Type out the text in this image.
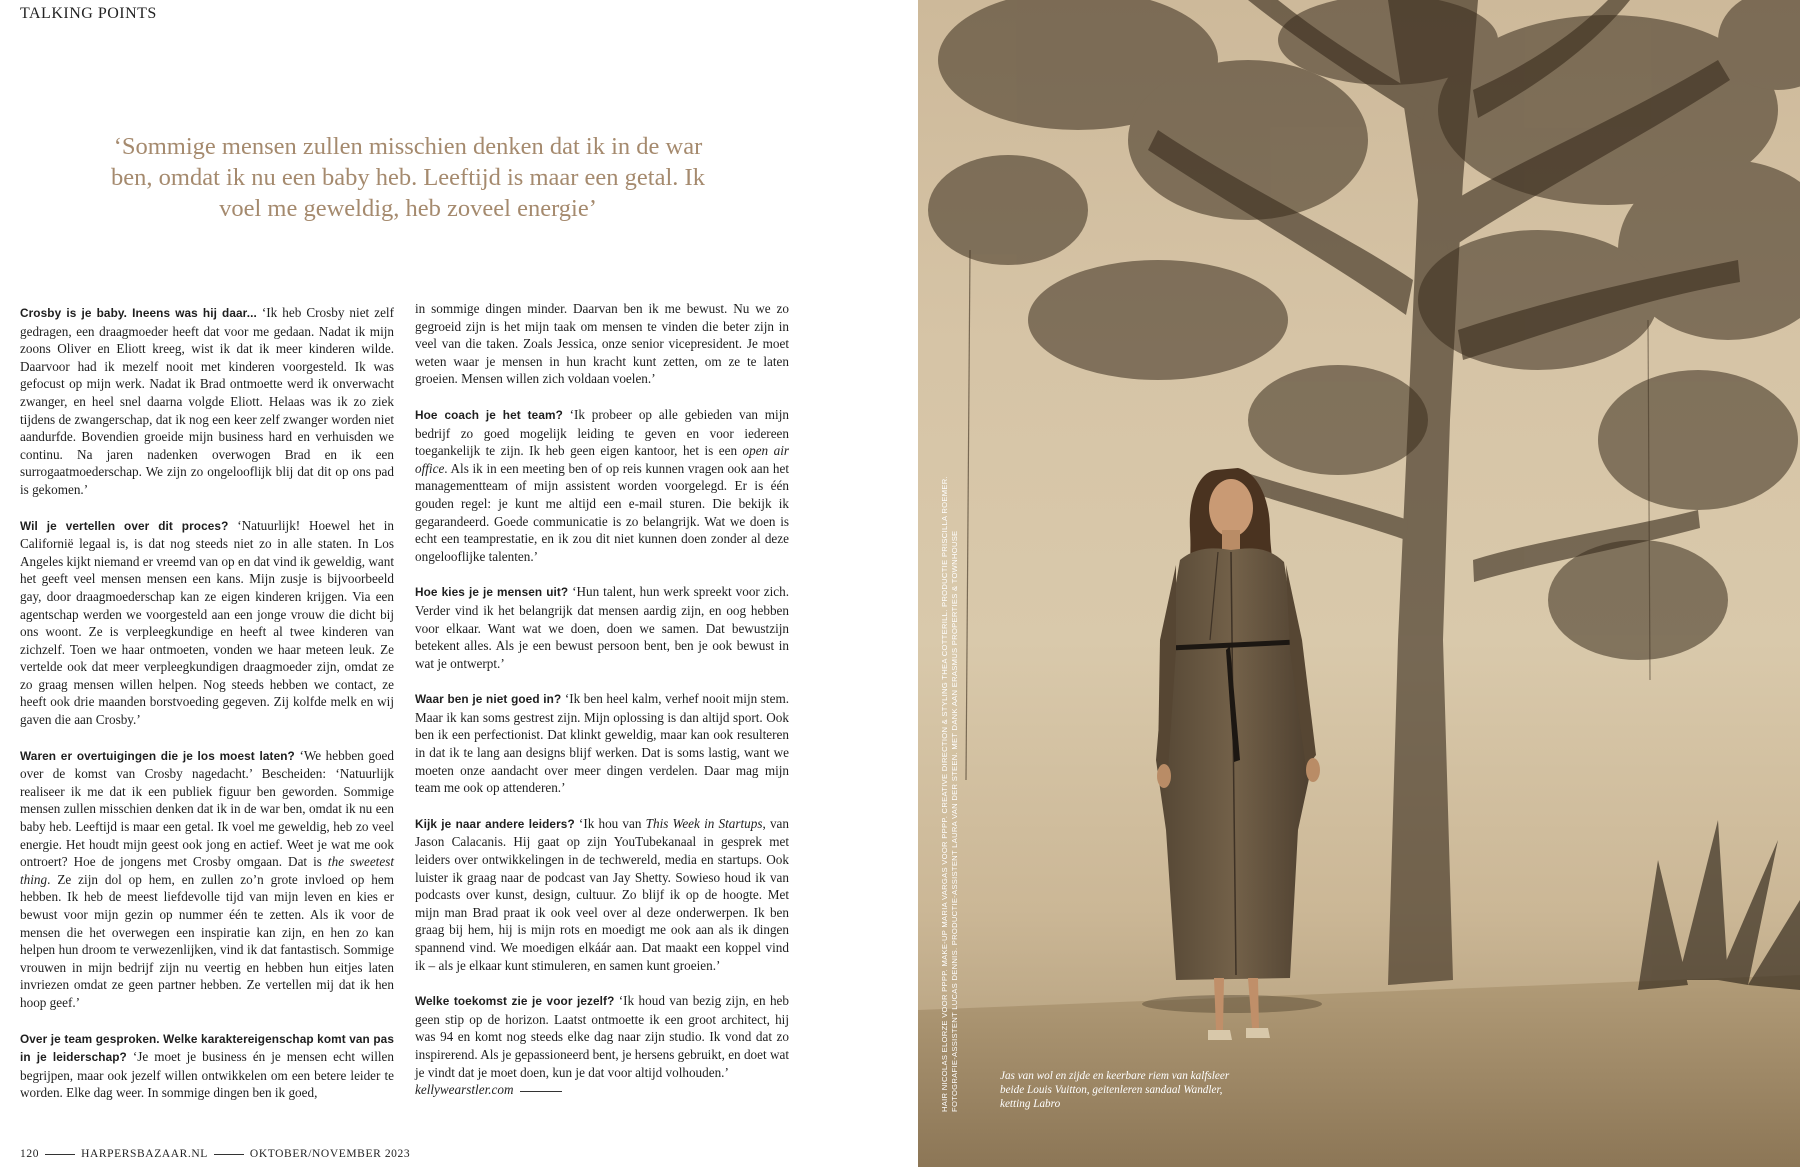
TALKING POINTS
‘Sommige mensen zullen misschien denken dat ik in de war ben, omdat ik nu een baby heb. Leeftijd is maar een getal. Ik voel me geweldig, heb zoveel energie’

Crosby is je baby. Ineens was hij daar... ‘Ik heb Crosby niet zelf gedragen, een draagmoeder heeft dat voor me gedaan. Nadat ik mijn zoons Oliver en Eliott kreeg, wist ik dat ik meer kinderen wilde. Daarvoor had ik mezelf nooit met kinderen voorgesteld. Ik was gefocust op mijn werk. Nadat ik Brad ontmoette werd ik onverwacht zwanger, en heel snel daarna volgde Eliott. Helaas was ik zo ziek tijdens de zwangerschap, dat ik nog een keer zelf zwanger worden niet aandurfde. Bovendien groeide mijn business hard en verhuisden we continu. Na jaren nadenken overwogen Brad en ik een surrogaatmoederschap. We zijn zo ongelooflijk blij dat dit op ons pad is gekomen.’

Wil je vertellen over dit proces? ‘Natuurlijk! Hoewel het in Californië legaal is, is dat nog steeds niet zo in alle staten. In Los Angeles kijkt niemand er vreemd van op en dat vind ik geweldig, want het geeft veel mensen mensen een kans. Mijn zusje is bijvoorbeeld gay, door draagmoederschap kan ze eigen kinderen krijgen. Via een agentschap werden we voorgesteld aan een jonge vrouw die dicht bij ons woont. Ze is verpleegkundige en heeft al twee kinderen van zichzelf. Toen we haar ontmoeten, vonden we haar meteen leuk. Ze vertelde ook dat meer verpleegkundigen draagmoeder zijn, omdat ze zo graag mensen willen helpen. Nog steeds hebben we contact, ze heeft ook drie maanden borstvoeding gegeven. Zij kolfde melk en wij gaven die aan Crosby.’

Waren er overtuigingen die je los moest laten? ‘We hebben goed over de komst van Crosby nagedacht.’ Bescheiden: ‘Natuurlijk realiseer ik me dat ik een publiek figuur ben geworden. Sommige mensen zullen misschien denken dat ik in de war ben, omdat ik nu een baby heb. Leeftijd is maar een getal. Ik voel me geweldig, heb zo veel energie. Het houdt mijn geest ook jong en actief. Weet je wat me ook ontroert? Hoe de jongens met Crosby omgaan. Dat is the sweetest thing. Ze zijn dol op hem, en zullen zo’n grote invloed op hem hebben. Ik heb de meest liefdevolle tijd van mijn leven en kies er bewust voor mijn gezin op nummer één te zetten. Als ik voor de mensen die het overwegen een inspiratie kan zijn, en hen zo kan helpen hun droom te verwezenlijken, vind ik dat fantastisch. Sommige vrouwen in mijn bedrijf zijn nu veertig en hebben hun eitjes laten invriezen omdat ze geen partner hebben. Ze vertellen mij dat ik hen hoop geef.’

Over je team gesproken. Welke karaktereigenschap komt van pas in je leiderschap? ‘Je moet je business én je mensen echt willen begrijpen, maar ook jezelf willen ontwikkelen om een betere leider te worden. Elke dag weer. In sommige dingen ben ik goed,

in sommige dingen minder. Daarvan ben ik me bewust. Nu we zo gegroeid zijn is het mijn taak om mensen te vinden die beter zijn in veel van die taken. Zoals Jessica, onze senior vicepresident. Je moet weten waar je mensen in hun kracht kunt zetten, om ze te laten groeien. Mensen willen zich voldaan voelen.’

Hoe coach je het team? ‘Ik probeer op alle gebieden van mijn bedrijf zo goed mogelijk leiding te geven en voor iedereen toegankelijk te zijn. Ik heb geen eigen kantoor, het is een open air office. Als ik in een meeting ben of op reis kunnen vragen ook aan het managementteam of mijn assistent worden voorgelegd. Er is één gouden regel: je kunt me altijd een e-mail sturen. Die bekijk ik gegarandeerd. Goede communicatie is zo belangrijk. Wat we doen is echt een teamprestatie, en ik zou dit niet kunnen doen zonder al deze ongelooflijke talenten.’

Hoe kies je je mensen uit? ‘Hun talent, hun werk spreekt voor zich. Verder vind ik het belangrijk dat mensen aardig zijn, en oog hebben voor elkaar. Want wat we doen, doen we samen. Dat bewustzijn betekent alles. Als je een bewust persoon bent, ben je ook bewust in wat je ontwerpt.’

Waar ben je niet goed in? ‘Ik ben heel kalm, verhef nooit mijn stem. Maar ik kan soms gestrest zijn. Mijn oplossing is dan altijd sport. Ook ben ik een perfectionist. Dat klinkt geweldig, maar kan ook resulteren in dat ik te lang aan designs blijf werken. Dat is soms lastig, want we moeten onze aandacht over meer dingen verdelen. Daar mag mijn team me ook op attenderen.’

Kijk je naar andere leiders? ‘Ik hou van This Week in Startups, van Jason Calacanis. Hij gaat op zijn YouTubekanaal in gesprek met leiders over ontwikkelingen in de techwereld, media en startups. Ook luister ik graag naar de podcast van Jay Shetty. Sowieso houd ik van podcasts over kunst, design, cultuur. Zo blijf ik op de hoogte. Met mijn man Brad praat ik ook veel over al deze onderwerpen. Ik ben graag bij hem, hij is mijn rots en moedigt me ook aan als ik dingen spannend vind. We moedigen elkáár aan. Dat maakt een koppel vind ik – als je elkaar kunt stimuleren, en samen kunt groeien.’

Welke toekomst zie je voor jezelf? ‘Ik houd van bezig zijn, en heb geen stip op de horizon. Laatst ontmoette ik een groot architect, hij was 94 en komt nog steeds elke dag naar zijn studio. Ik vond dat zo inspirerend. Als je gepassioneerd bent, je hersens gebruikt, en doet wat je vindt dat je moet doen, kun je dat voor altijd volhouden.’

kellywearstler.com
120	HARPERSBAZAAR.NL	OKTOBER/NOVEMBER 2023
HAIR NICOLAS ELORZE VOOR PPPP. MAKE-UP MARIA VARGAS VOOR PPPP. CREATIVE DIRECTION & STYLING THEA COTTERILL. PRODUCTIE PRISCILLA ROEMER. FOTOGRAFIE-ASSISTENT LUCAS DENNIS. PRODUCTIE-ASSISTENT LAURA VAN DER STEEN. MET DANK AAN ERASMUS PROPERTIES & TOWNHOUSE	Jas van wol en zijde en keerbare riem van kalfsleer beide Louis Vuitton, geitenleren sandaal Wandler, ketting Labro
